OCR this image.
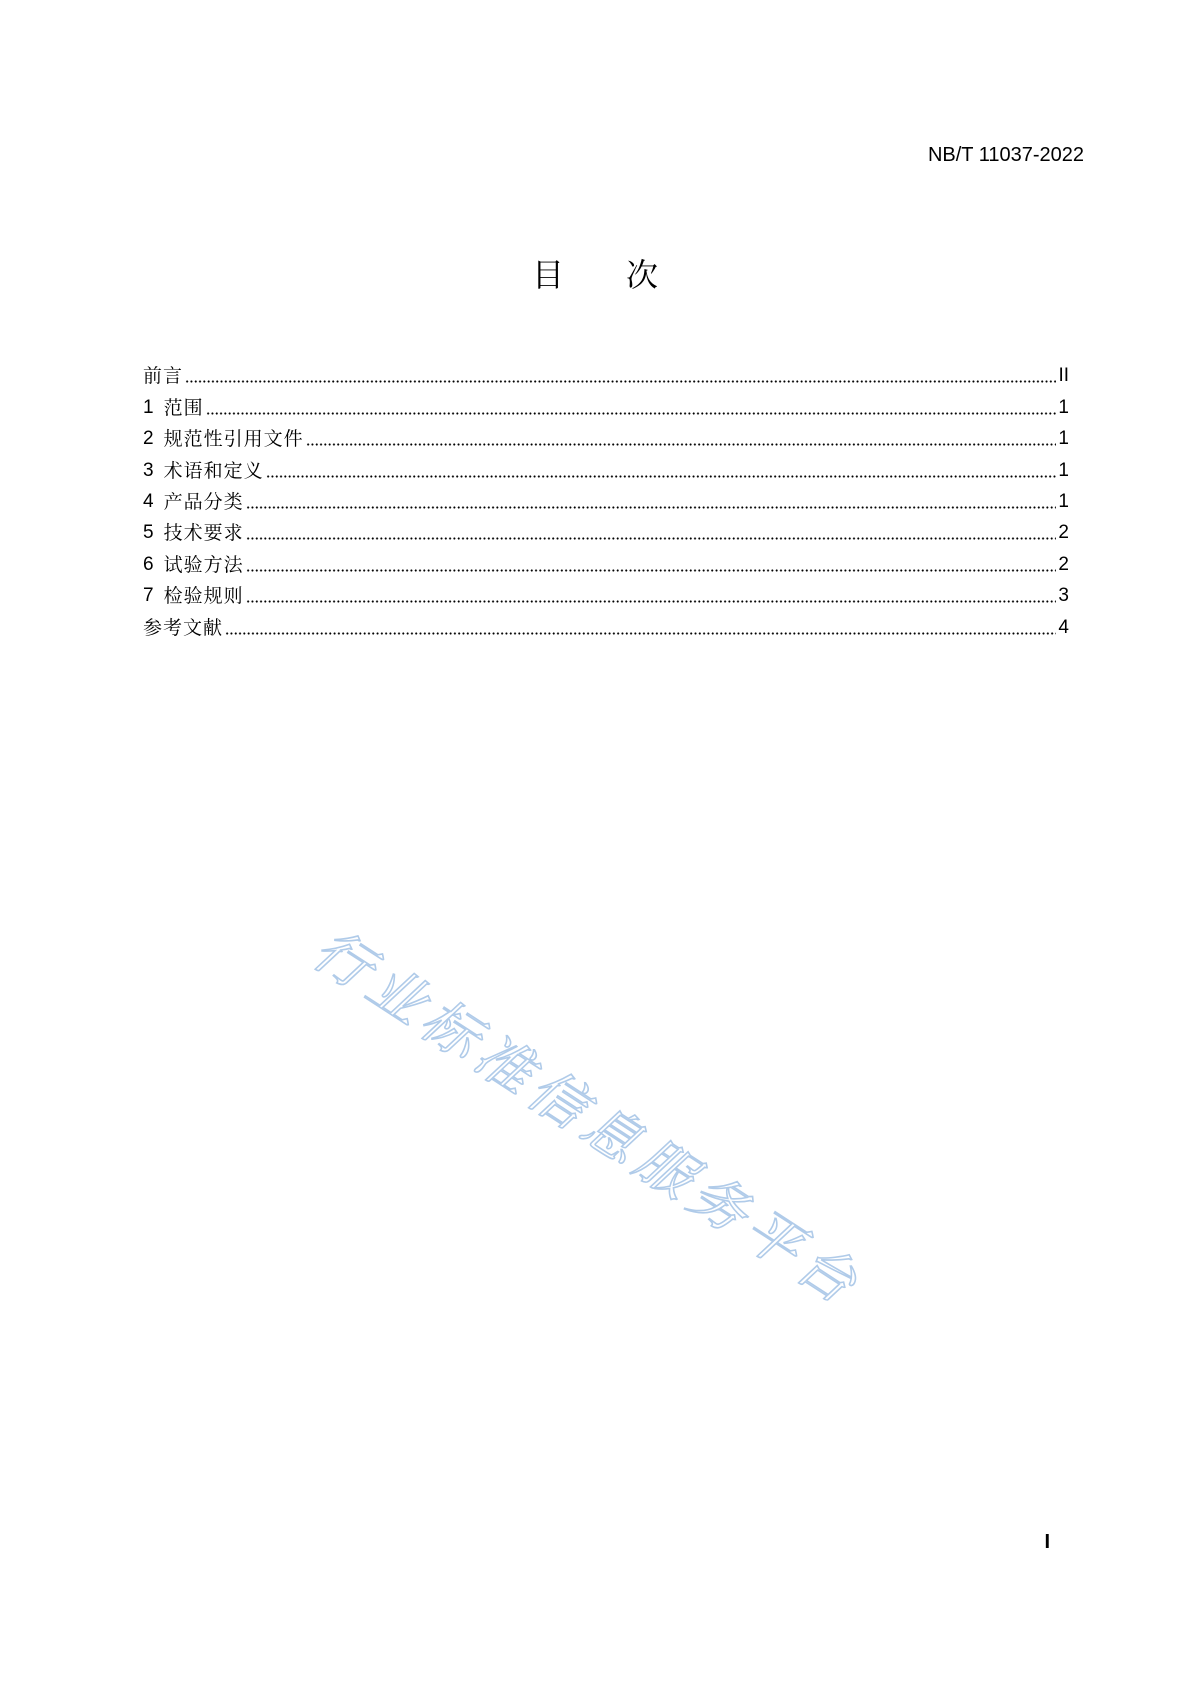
NB/T 11037-2022
目次
前言	II
1 范围	1
2 规范性引用文件	1
3 术语和定义	1
4 产品分类	1
5 技术要求	2
6 试验方法	2
7 检验规则	3
参考文献	4
行业标准信息服务平台
I
